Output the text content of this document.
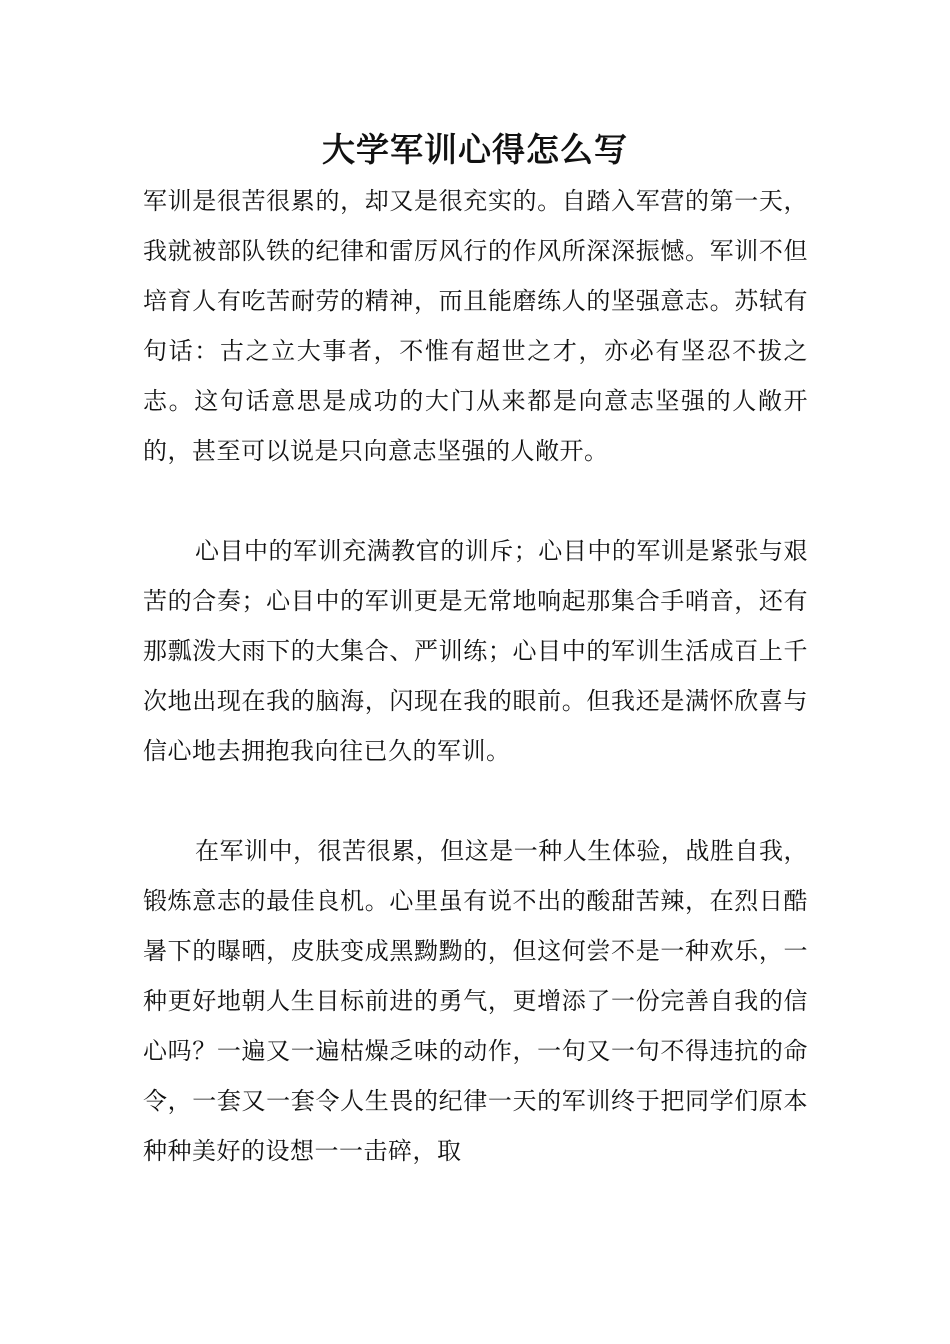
大学军训心得怎么写

军训是很苦很累的，却又是很充实的。自踏入军营的第一天，我就被部队铁的纪律和雷厉风行的作风所深深振憾。军训不但培育人有吃苦耐劳的精神，而且能磨练人的坚强意志。苏轼有句话：古之立大事者，不惟有超世之才，亦必有坚忍不拔之志。这句话意思是成功的大门从来都是向意志坚强的人敞开的，甚至可以说是只向意志坚强的人敞开。

心目中的军训充满教官的训斥；心目中的军训是紧张与艰苦的合奏；心目中的军训更是无常地响起那集合手哨音，还有那瓢泼大雨下的大集合、严训练；心目中的军训生活成百上千次地出现在我的脑海，闪现在我的眼前。但我还是满怀欣喜与信心地去拥抱我向往已久的军训。

在军训中，很苦很累，但这是一种人生体验，战胜自我，锻炼意志的最佳良机。心里虽有说不出的酸甜苦辣，在烈日酷暑下的曝晒，皮肤变成黑黝黝的，但这何尝不是一种欢乐，一种更好地朝人生目标前进的勇气，更增添了一份完善自我的信心吗？一遍又一遍枯燥乏味的动作，一句又一句不得违抗的命令，一套又一套令人生畏的纪律一天的军训终于把同学们原本种种美好的设想一一击碎，取
